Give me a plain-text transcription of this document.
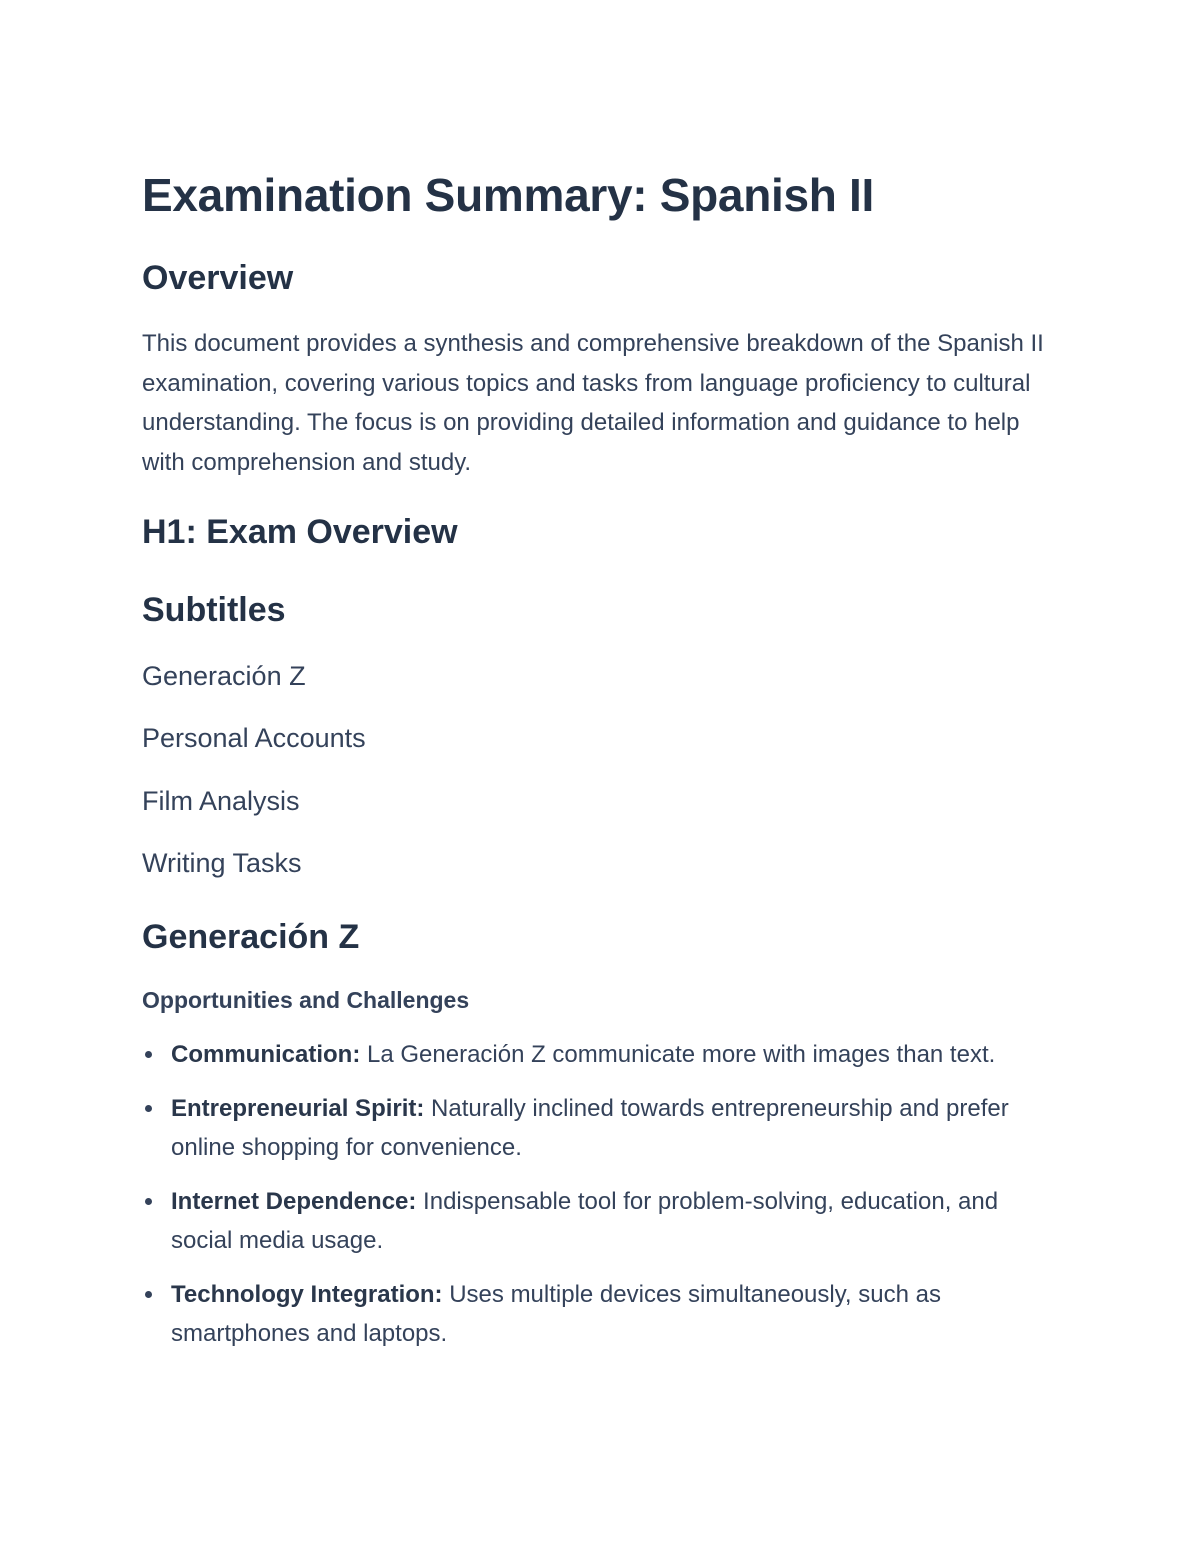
Examination Summary: Spanish II
Overview

This document provides a synthesis and comprehensive breakdown of the Spanish II examination, covering various topics and tasks from language proficiency to cultural understanding. The focus is on providing detailed information and guidance to help with comprehension and study.

H1: Exam Overview
Subtitles
Generación Z
Personal Accounts
Film Analysis
Writing Tasks
Generación Z
Opportunities and Challenges
Communication: La Generación Z communicate more with images than text.
Entrepreneurial Spirit: Naturally inclined towards entrepreneurship and prefer online shopping for convenience.
Internet Dependence: Indispensable tool for problem-solving, education, and social media usage.
Technology Integration: Uses multiple devices simultaneously, such as smartphones and laptops.
